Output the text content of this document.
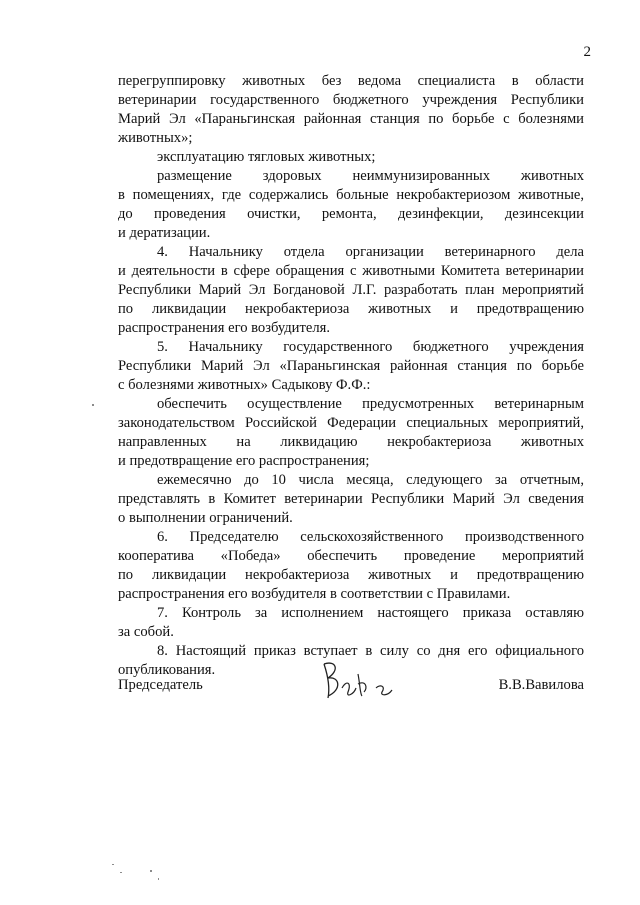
2
перегруппировку животных без ведома специалиста в области
ветеринарии государственного бюджетного учреждения Республики
Марий Эл «Параньгинская районная станция по борьбе с болезнями
животных»;
эксплуатацию тягловых животных;
размещение здоровых неиммунизированных животных
в помещениях, где содержались больные некробактериозом животные,
до проведения очистки, ремонта, дезинфекции, дезинсекции
и дератизации.
4. Начальнику отдела организации ветеринарного дела
и деятельности в сфере обращения с животными Комитета ветеринарии
Республики Марий Эл Богдановой Л.Г. разработать план мероприятий
по ликвидации некробактериоза животных и предотвращению
распространения его возбудителя.
5. Начальнику государственного бюджетного учреждения
Республики Марий Эл «Параньгинская районная станция по борьбе
с болезнями животных» Садыкову Ф.Ф.:
обеспечить осуществление предусмотренных ветеринарным
законодательством Российской Федерации специальных мероприятий,
направленных на ликвидацию некробактериоза животных
и предотвращение его распространения;
ежемесячно до 10 числа месяца, следующего за отчетным,
представлять в Комитет ветеринарии Республики Марий Эл сведения
о выполнении ограничений.
6. Председателю сельскохозяйственного производственного
кооператива «Победа» обеспечить проведение мероприятий
по ликвидации некробактериоза животных и предотвращению
распространения его возбудителя в соответствии с Правилами.
7. Контроль за исполнением настоящего приказа оставляю
за собой.
8. Настоящий приказ вступает в силу со дня его официального
опубликования.
Председатель	В.В.Вавилова
